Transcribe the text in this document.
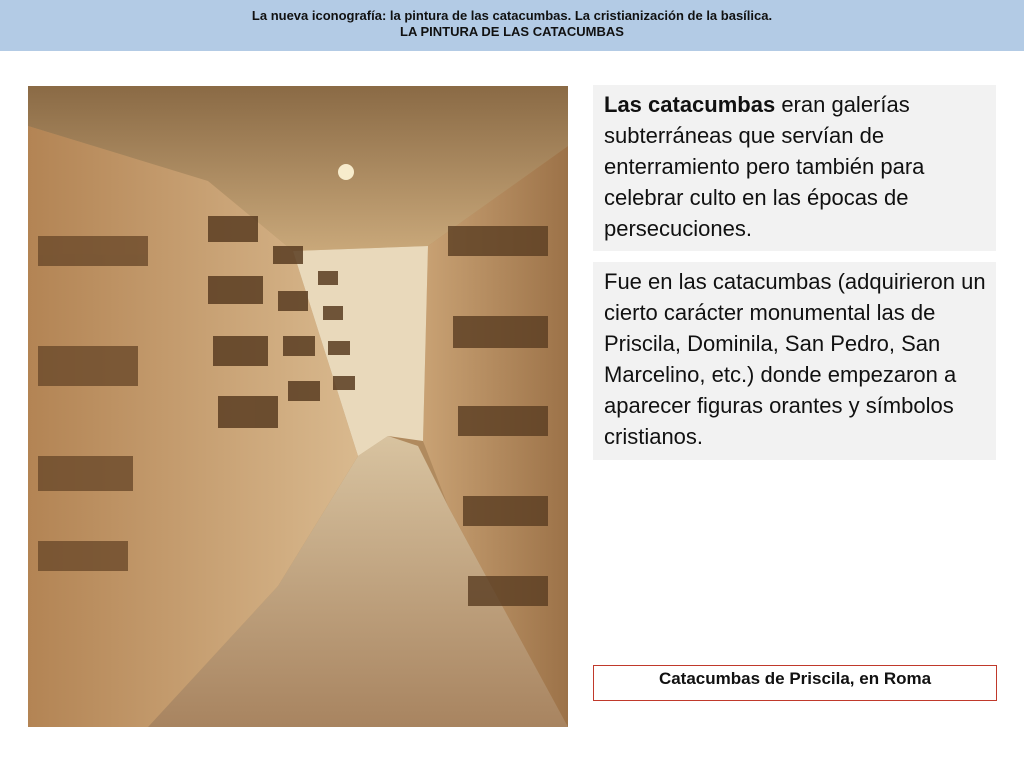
La nueva iconografía: la pintura de las catacumbas. La cristianización de la basílica.
LA PINTURA DE LAS CATACUMBAS
Las catacumbas eran galerías subterráneas que servían de enterramiento pero también para celebrar culto en las épocas de persecuciones.
Fue en las catacumbas (adquirieron un cierto carácter monumental las de Priscila, Dominila, San Pedro, San Marcelino, etc.) donde empezaron a aparecer figuras orantes y símbolos cristianos.
Catacumbas de Priscila, en Roma
